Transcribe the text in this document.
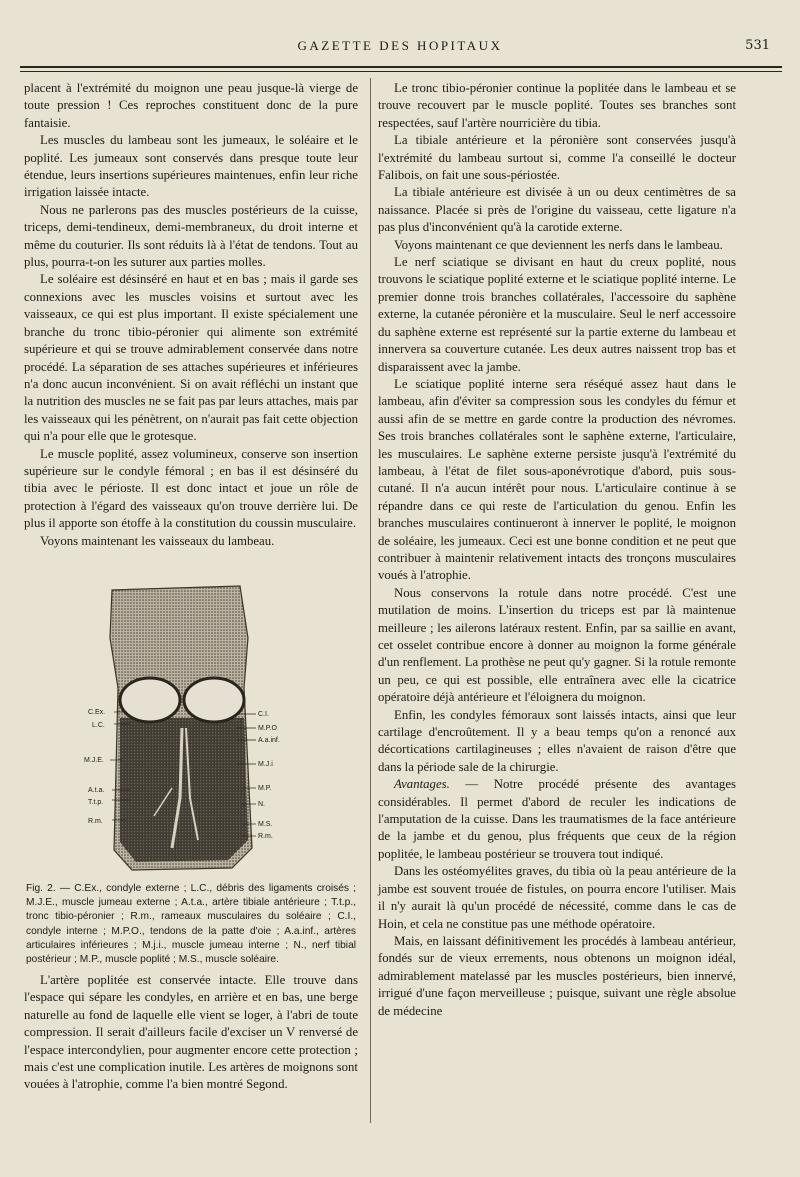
GAZETTE DES HOPITAUX	531

placent à l'extrémité du moignon une peau jusque-là vierge de toute pression ! Ces reproches constituent donc de la pure fantaisie.

Les muscles du lambeau sont les jumeaux, le soléaire et le poplité. Les jumeaux sont conservés dans presque toute leur étendue, leurs insertions supérieures maintenues, enfin leur riche irrigation laissée intacte.

Nous ne parlerons pas des muscles postérieurs de la cuisse, triceps, demi-tendineux, demi-membraneux, du droit interne et même du couturier. Ils sont réduits là à l'état de tendons. Tout au plus, pourra-t-on les suturer aux parties molles.

Le soléaire est désinséré en haut et en bas ; mais il garde ses connexions avec les muscles voisins et surtout avec les vaisseaux, ce qui est plus important. Il existe spécialement une branche du tronc tibio-péronier qui alimente son extrémité supérieure et qui se trouve admirablement conservée dans notre procédé. La séparation de ses attaches supérieures et inférieures n'a donc aucun inconvénient. Si on avait réfléchi un instant que la nutrition des muscles ne se fait pas par leurs attaches, mais par les vaisseaux qui les pénètrent, on n'aurait pas fait cette objection qui n'a pour elle que le grotesque.

Le muscle poplité, assez volumineux, conserve son insertion supérieure sur le condyle fémoral ; en bas il est désinséré du tibia avec le périoste. Il est donc intact et joue un rôle de protection à l'égard des vaisseaux qu'on trouve derrière lui. De plus il apporte son étoffe à la constitution du coussin musculaire.

Voyons maintenant les vaisseaux du lambeau.

C.Ex.
L.C.
M.J.E.
A.t.a.
T.t.p.
R.m.
C.I.
M.P.O
A.a.inf.
M.J.i
M.P.
N.
M.S.
R.m.
Fig. 2. — C.Ex., condyle externe ; L.C., débris des ligaments croisés ; M.J.E., muscle jumeau externe ; A.t.a., artère tibiale antérieure ; T.t.p., tronc tibio-péronier ; R.m., rameaux musculaires du soléaire ; C.I., condyle interne ; M.P.O., tendons de la patte d'oie ; A.a.inf., artères articulaires inférieures ; M.j.i., muscle jumeau interne ; N., nerf tibial postérieur ; M.P., muscle poplité ; M.S., muscle soléaire.

L'artère poplitée est conservée intacte. Elle trouve dans l'espace qui sépare les condyles, en arrière et en bas, une berge naturelle au fond de laquelle elle vient se loger, à l'abri de toute compression. Il serait d'ailleurs facile d'exciser un V renversé de l'espace intercondylien, pour augmenter encore cette protection ; mais c'est une complication inutile. Les artères de moignons sont vouées à l'atrophie, comme l'a bien montré Segond.

Le tronc tibio-péronier continue la poplitée dans le lambeau et se trouve recouvert par le muscle poplité. Toutes ses branches sont respectées, sauf l'artère nourricière du tibia.

La tibiale antérieure et la péronière sont conservées jusqu'à l'extrémité du lambeau surtout si, comme l'a conseillé le docteur Falibois, on fait une sous-périostée.

La tibiale antérieure est divisée à un ou deux centimètres de sa naissance. Placée si près de l'origine du vaisseau, cette ligature n'a pas plus d'inconvénient qu'à la carotide externe.

Voyons maintenant ce que deviennent les nerfs dans le lambeau.

Le nerf sciatique se divisant en haut du creux poplité, nous trouvons le sciatique poplité externe et le sciatique poplité interne. Le premier donne trois branches collatérales, l'accessoire du saphène externe, la cutanée péronière et la musculaire. Seul le nerf accessoire du saphène externe est représenté sur la partie externe du lambeau et innervera sa couverture cutanée. Les deux autres naissent trop bas et disparaissent avec la jambe.

Le sciatique poplité interne sera réséqué assez haut dans le lambeau, afin d'éviter sa compression sous les condyles du fémur et aussi afin de se mettre en garde contre la production des névromes. Ses trois branches collatérales sont le saphène externe, l'articulaire, les musculaires. Le saphène externe persiste jusqu'à l'extrémité du lambeau, à l'état de filet sous-aponévrotique d'abord, puis sous-cutané. Il n'a aucun intérêt pour nous. L'articulaire continue à se répandre dans ce qui reste de l'articulation du genou. Enfin les branches musculaires continueront à innerver le poplité, le moignon de soléaire, les jumeaux. Ceci est une bonne condition et ne peut que contribuer à maintenir relativement intacts des tronçons musculaires voués à l'atrophie.

Nous conservons la rotule dans notre procédé. C'est une mutilation de moins. L'insertion du triceps est par là maintenue meilleure ; les ailerons latéraux restent. Enfin, par sa saillie en avant, cet osselet contribue encore à donner au moignon la forme générale d'un renflement. La prothèse ne peut qu'y gagner. Si la rotule remonte un peu, ce qui est possible, elle entraînera avec elle la cicatrice opératoire déjà antérieure et l'éloignera du moignon.

Enfin, les condyles fémoraux sont laissés intacts, ainsi que leur cartilage d'encroûtement. Il y a beau temps qu'on a renoncé aux décortications cartilagineuses ; elles n'avaient de raison d'être que dans la période sale de la chirurgie.

Avantages. — Notre procédé présente des avantages considérables. Il permet d'abord de reculer les indications de l'amputation de la cuisse. Dans les traumatismes de la face antérieure de la jambe et du genou, plus fréquents que ceux de la région poplitée, le lambeau postérieur se trouvera tout indiqué.

Dans les ostéomyélites graves, du tibia où la peau antérieure de la jambe est souvent trouée de fistules, on pourra encore l'utiliser. Mais il n'y aurait là qu'un procédé de nécessité, comme dans le cas de Hoin, et cela ne constitue pas une méthode opératoire.

Mais, en laissant définitivement les procédés à lambeau antérieur, fondés sur de vieux errements, nous obtenons un moignon idéal, admirablement matelassé par les muscles postérieurs, bien innervé, irrigué d'une façon merveilleuse ; puisque, suivant une règle absolue de médecine
